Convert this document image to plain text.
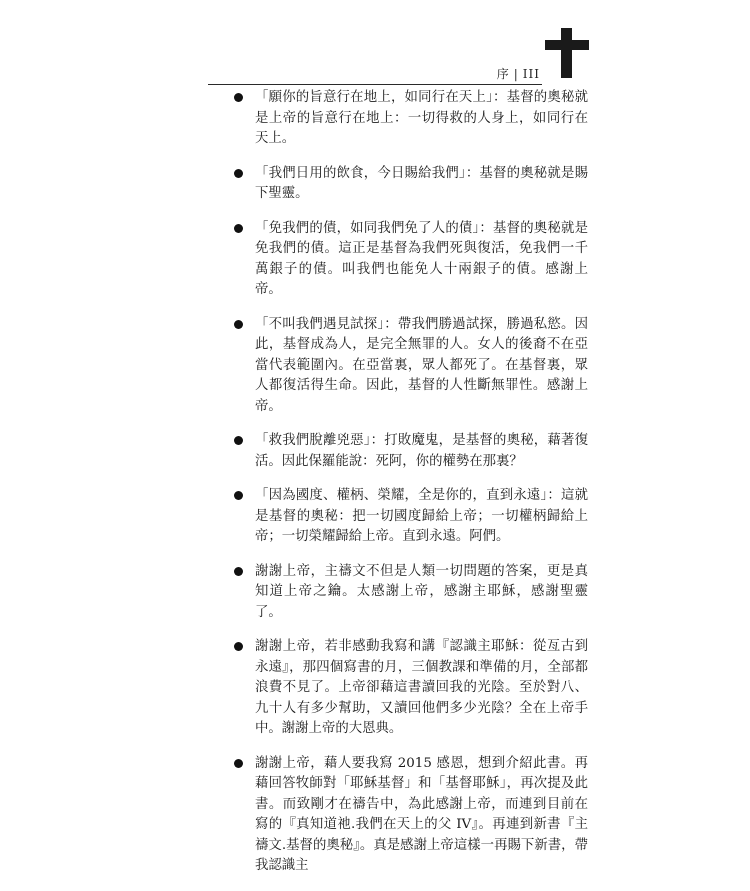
序 | III
「願你的旨意行在地上，如同行在天上」：基督的奧秘就是上帝的旨意行在地上：一切得救的人身上，如同行在天上。
「我們日用的飲食，今日賜給我們」：基督的奧秘就是賜下聖靈。
「免我們的債，如同我們免了人的債」：基督的奧秘就是免我們的債。這正是基督為我們死與復活，免我們一千萬銀子的債。叫我們也能免人十兩銀子的債。感謝上帝。
「不叫我們遇見試探」：帶我們勝過試探，勝過私慾。因此，基督成為人，是完全無罪的人。女人的後裔不在亞當代表範圍內。在亞當裏，眾人都死了。在基督裏，眾人都復活得生命。因此，基督的人性斷無罪性。感謝上帝。
「救我們脫離兇惡」：打敗魔鬼，是基督的奧秘，藉著復活。因此保羅能說：死阿，你的權勢在那裏？
「因為國度、權柄、榮耀，全是你的，直到永遠」：這就是基督的奧秘：把一切國度歸給上帝；一切權柄歸給上帝；一切榮耀歸給上帝。直到永遠。阿們。
謝謝上帝，主禱文不但是人類一切問題的答案，更是真知道上帝之鑰。太感謝上帝，感謝主耶穌，感謝聖靈了。
謝謝上帝，若非感動我寫和講『認識主耶穌：從亙古到永遠』，那四個寫書的月，三個教課和準備的月，全部都浪費不見了。上帝卻藉這書讀回我的光陰。至於對八、九十人有多少幫助，又讀回他們多少光陰？全在上帝手中。謝謝上帝的大恩典。
謝謝上帝，藉人要我寫 2015 感恩，想到介紹此書。再藉回答牧師對「耶穌基督」和「基督耶穌」，再次提及此書。而致剛才在禱告中，為此感謝上帝，而連到目前在寫的『真知道祂.我們在天上的父 IV』。再連到新書『主禱文.基督的奧秘』。真是感謝上帝這樣一再賜下新書，帶我認識主
